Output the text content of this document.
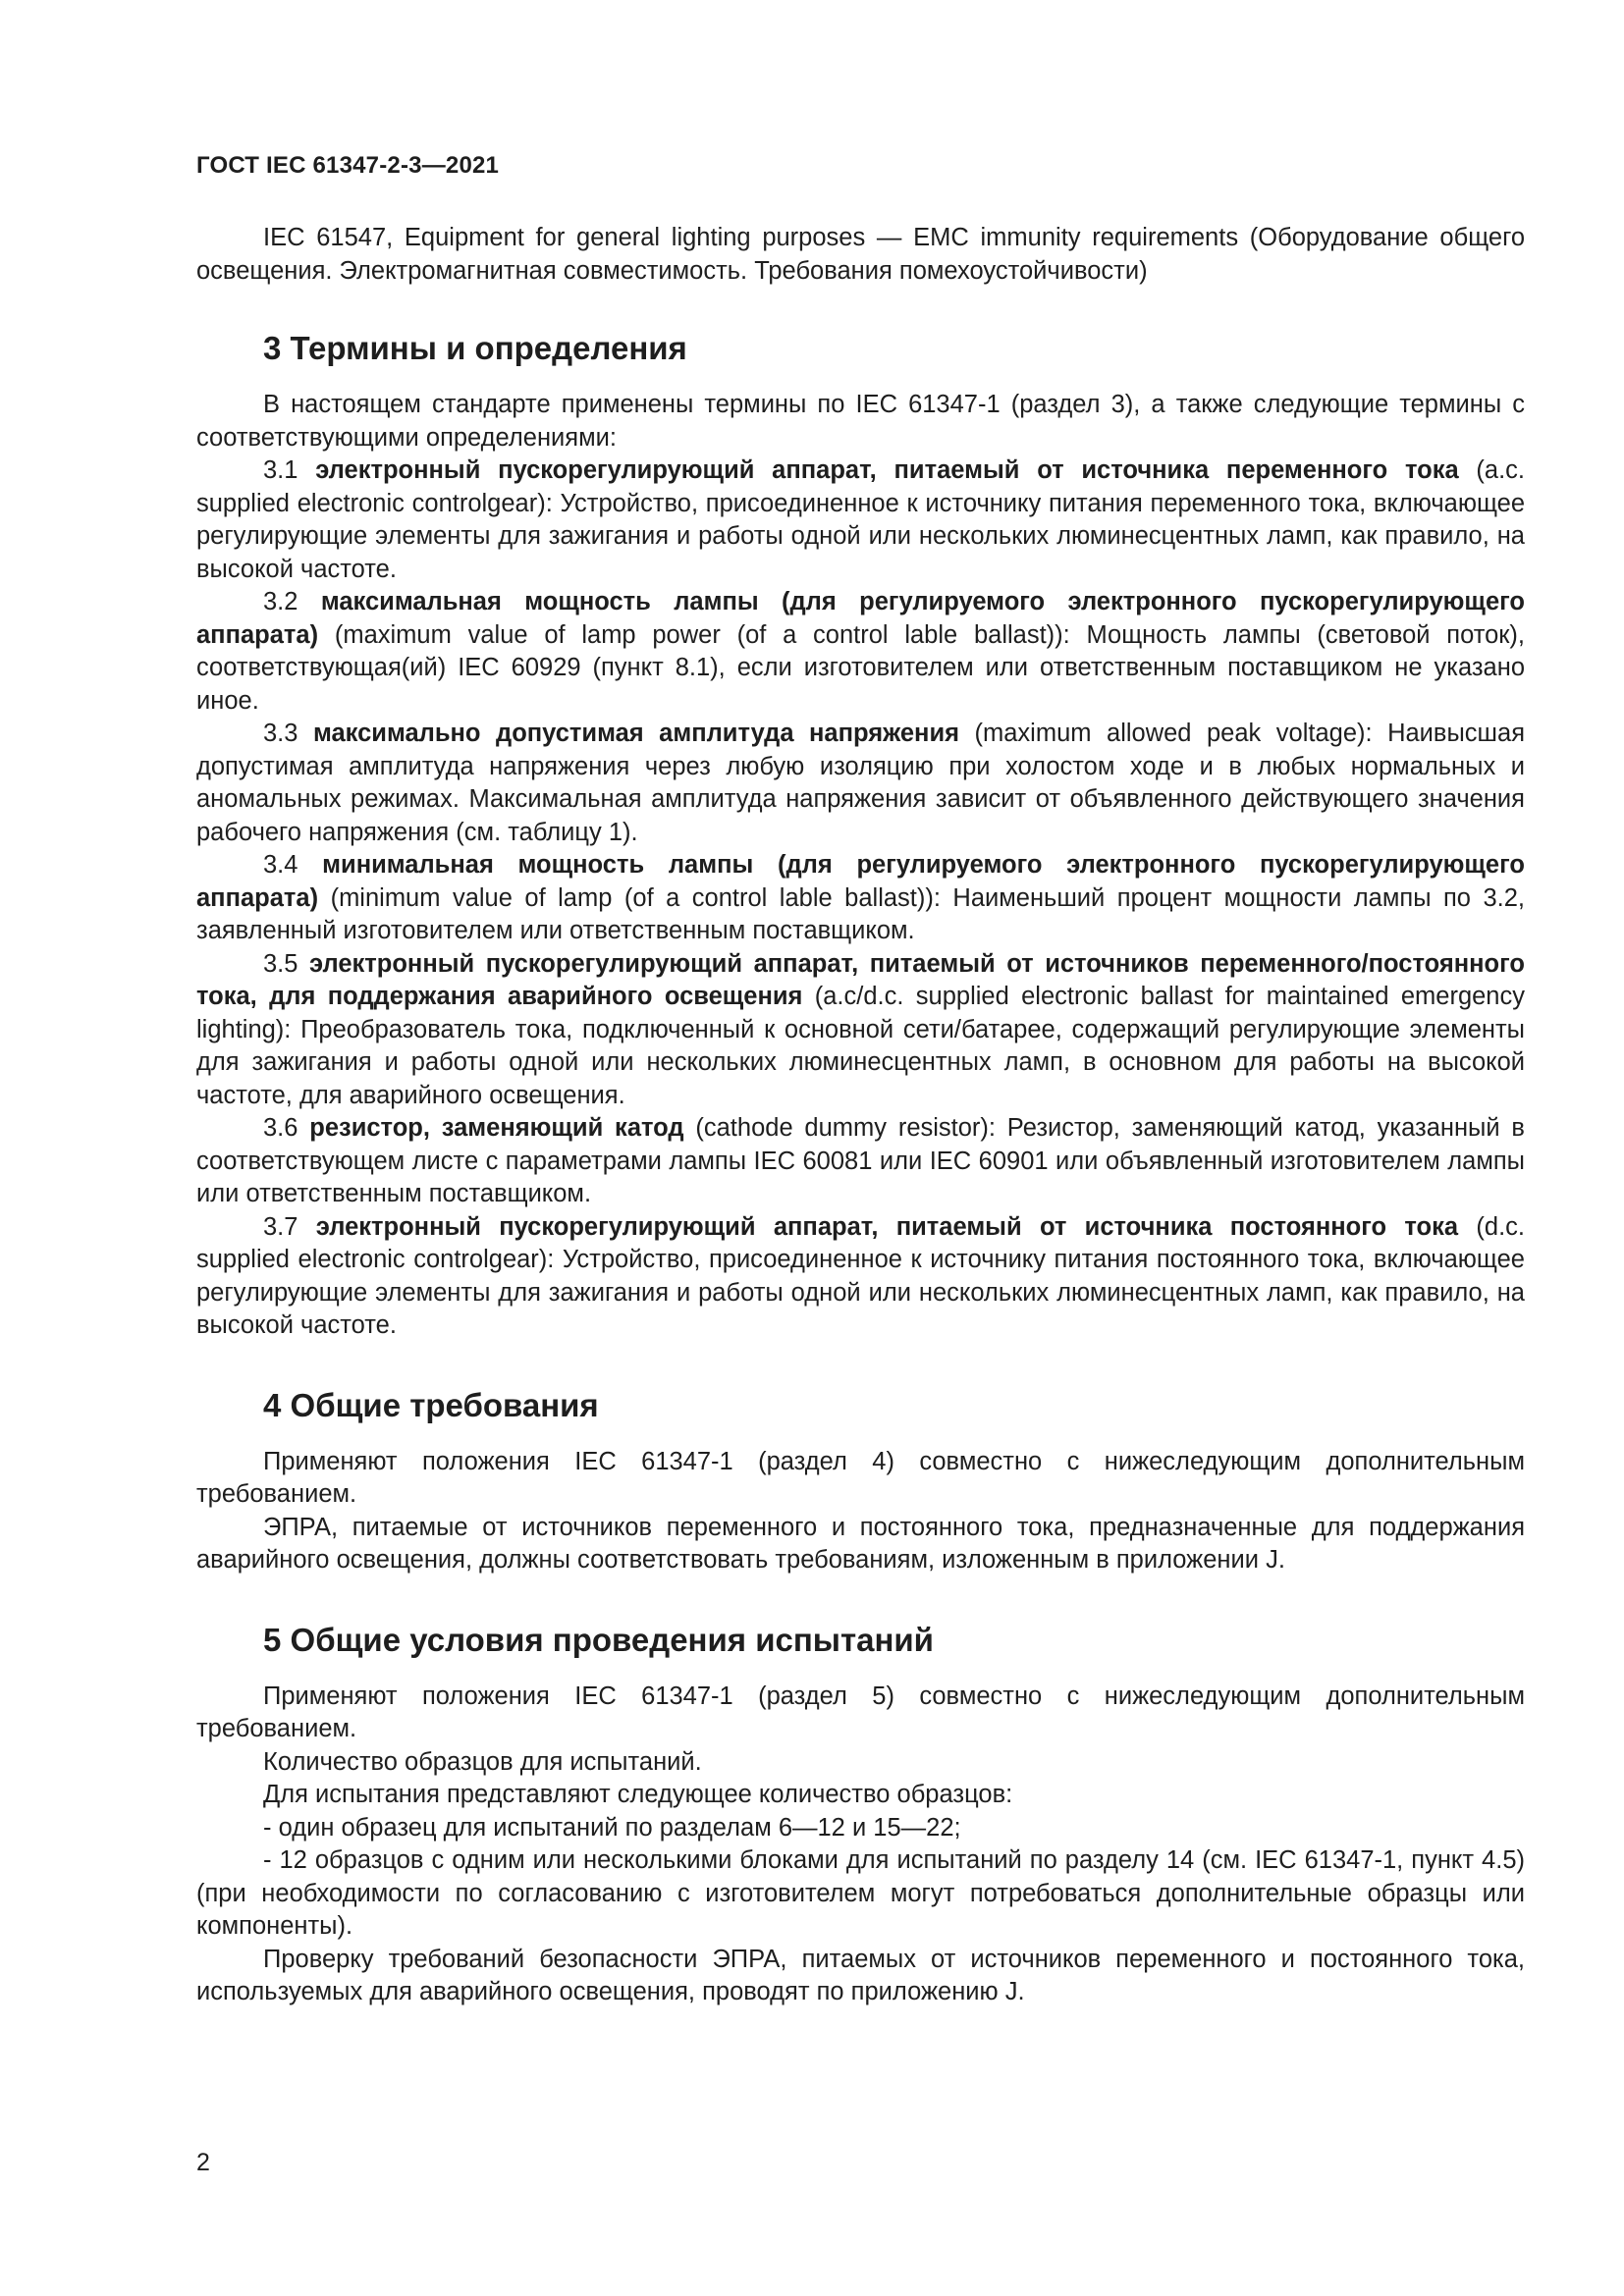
ГОСТ IEC 61347-2-3—2021

IEC 61547, Equipment for general lighting purposes — EMC immunity requirements (Оборудование общего освещения. Электромагнитная совместимость. Требования помехоустойчивости)

3 Термины и определения

В настоящем стандарте применены термины по IEC 61347-1 (раздел 3), а также следующие термины с соответствующими определениями:

3.1 электронный пускорегулирующий аппарат, питаемый от источника переменного тока (a.c. supplied electronic controlgear): Устройство, присоединенное к источнику питания переменного тока, включающее регулирующие элементы для зажигания и работы одной или нескольких люминесцентных ламп, как правило, на высокой частоте.

3.2 максимальная мощность лампы (для регулируемого электронного пускорегулирующего аппарата) (maximum value of lamp power (of a control lable ballast)): Мощность лампы (световой поток), соответствующая(ий) IEC 60929 (пункт 8.1), если изготовителем или ответственным поставщиком не указано иное.

3.3 максимально допустимая амплитуда напряжения (maximum allowed peak voltage): Наивысшая допустимая амплитуда напряжения через любую изоляцию при холостом ходе и в любых нормальных и аномальных режимах. Максимальная амплитуда напряжения зависит от объявленного действующего значения рабочего напряжения (см. таблицу 1).

3.4 минимальная мощность лампы (для регулируемого электронного пускорегулирующего аппарата) (minimum value of lamp (of a control lable ballast)): Наименьший процент мощности лампы по 3.2, заявленный изготовителем или ответственным поставщиком.

3.5 электронный пускорегулирующий аппарат, питаемый от источников переменного/постоянного тока, для поддержания аварийного освещения (a.c/d.c. supplied electronic ballast for maintained emergency lighting): Преобразователь тока, подключенный к основной сети/батарее, содержащий регулирующие элементы для зажигания и работы одной или нескольких люминесцентных ламп, в основном для работы на высокой частоте, для аварийного освещения.

3.6 резистор, заменяющий катод (cathode dummy resistor): Резистор, заменяющий катод, указанный в соответствующем листе с параметрами лампы IEC 60081 или IEC 60901 или объявленный изготовителем лампы или ответственным поставщиком.

3.7 электронный пускорегулирующий аппарат, питаемый от источника постоянного тока (d.c. supplied electronic controlgear): Устройство, присоединенное к источнику питания постоянного тока, включающее регулирующие элементы для зажигания и работы одной или нескольких люминесцентных ламп, как правило, на высокой частоте.

4 Общие требования

Применяют положения IEC 61347-1 (раздел 4) совместно с нижеследующим дополнительным требованием.

ЭПРА, питаемые от источников переменного и постоянного тока, предназначенные для поддержания аварийного освещения, должны соответствовать требованиям, изложенным в приложении J.

5 Общие условия проведения испытаний

Применяют положения IEC 61347-1 (раздел 5) совместно с нижеследующим дополнительным требованием.

Количество образцов для испытаний.

Для испытания представляют следующее количество образцов:

- один образец для испытаний по разделам 6—12 и 15—22;

- 12 образцов с одним или несколькими блоками для испытаний по разделу 14 (см. IEC 61347-1, пункт 4.5) (при необходимости по согласованию с изготовителем могут потребоваться дополнительные образцы или компоненты).

Проверку требований безопасности ЭПРА, питаемых от источников переменного и постоянного тока, используемых для аварийного освещения, проводят по приложению J.

2
